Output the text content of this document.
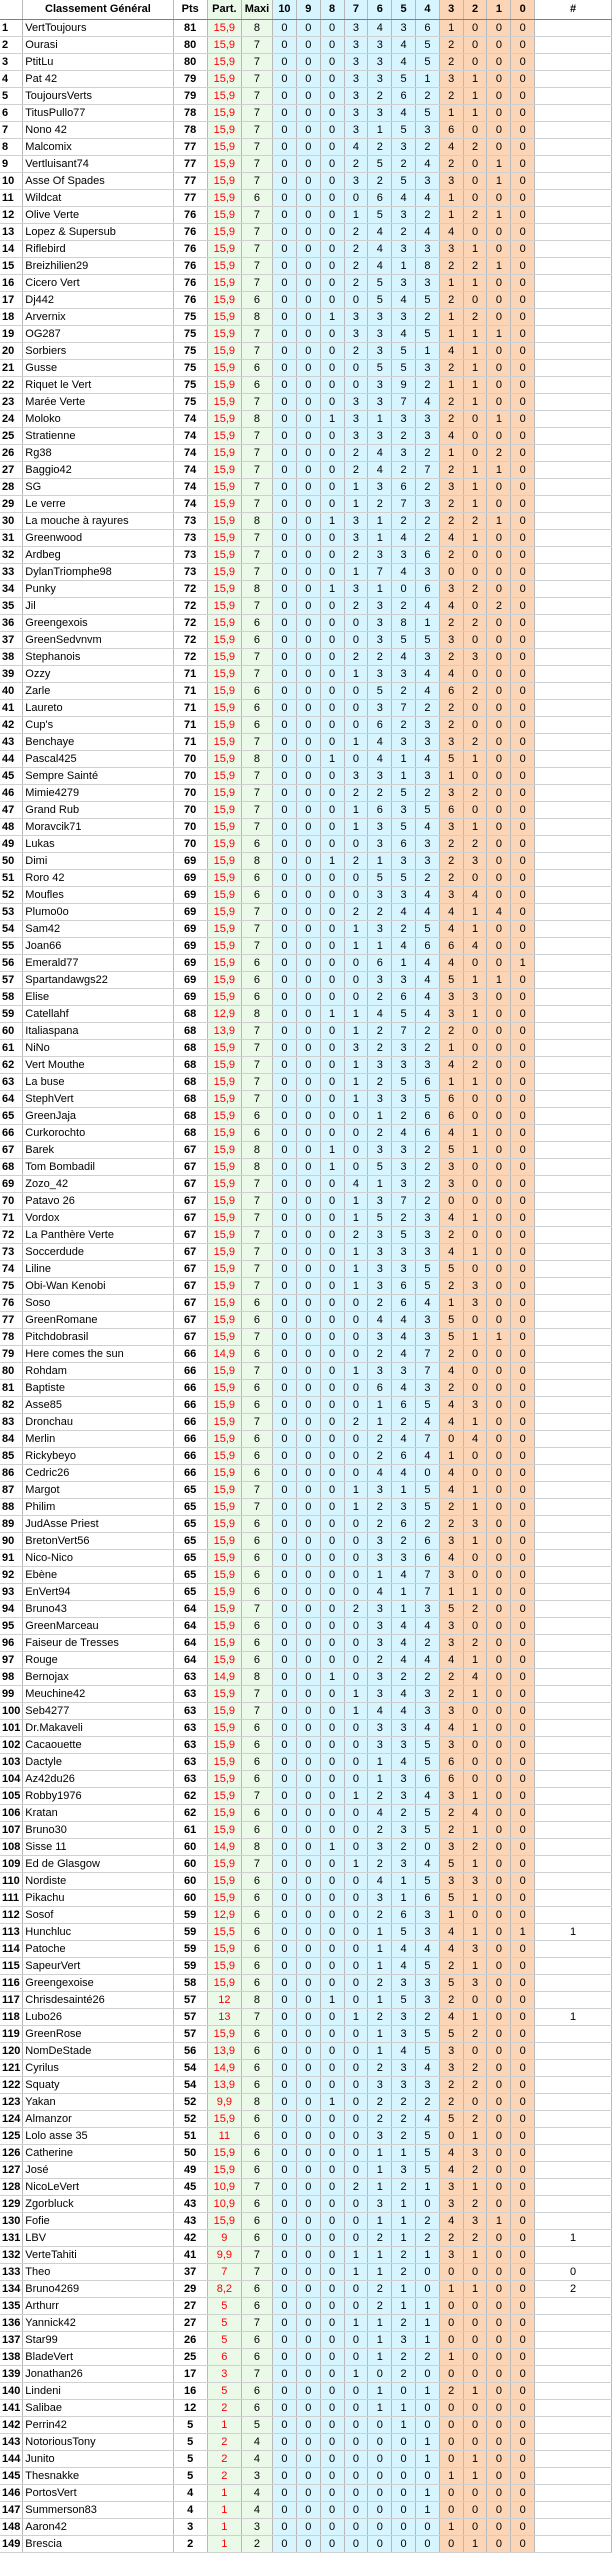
	Classement Général	Pts	Part.	Maxi	10	9	8	7	6	5	4	3	2	1	0	#
1	VertToujours	81	15,9	8	0	0	0	3	4	3	6	1	0	0	0	
2	Ourasi	80	15,9	7	0	0	0	3	3	4	5	2	0	0	0	
3	PtitLu	80	15,9	7	0	0	0	3	3	4	5	2	0	0	0	
4	Pat 42	79	15,9	7	0	0	0	3	3	5	1	3	1	0	0	
5	ToujoursVerts	79	15,9	7	0	0	0	3	2	6	2	2	1	0	0	
6	TitusPullo77	78	15,9	7	0	0	0	3	3	4	5	1	1	0	0	
7	Nono 42	78	15,9	7	0	0	0	3	1	5	3	6	0	0	0	
8	Malcomix	77	15,9	7	0	0	0	4	2	3	2	4	2	0	0	
9	Vertluisant74	77	15,9	7	0	0	0	2	5	2	4	2	0	1	0	
10	Asse Of Spades	77	15,9	7	0	0	0	3	2	5	3	3	0	1	0	
11	Wildcat	77	15,9	6	0	0	0	0	6	4	4	1	0	0	0	
12	Olive Verte	76	15,9	7	0	0	0	1	5	3	2	1	2	1	0	
13	Lopez & Supersub	76	15,9	7	0	0	0	2	4	2	4	4	0	0	0	
14	Riflebird	76	15,9	7	0	0	0	2	4	3	3	3	1	0	0	
15	Breizhilien29	76	15,9	7	0	0	0	2	4	1	8	2	2	1	0	
16	Cicero Vert	76	15,9	7	0	0	0	2	5	3	3	1	1	0	0	
17	Dj442	76	15,9	6	0	0	0	0	5	4	5	2	0	0	0	
18	Arvernix	75	15,9	8	0	0	1	3	3	3	2	1	2	0	0	
19	OG287	75	15,9	7	0	0	0	3	3	4	5	1	1	1	0	
20	Sorbiers	75	15,9	7	0	0	0	2	3	5	1	4	1	0	0	
21	Gusse	75	15,9	6	0	0	0	0	5	5	3	2	1	0	0	
22	Riquet le Vert	75	15,9	6	0	0	0	0	3	9	2	1	1	0	0	
23	Marée Verte	75	15,9	7	0	0	0	3	3	7	4	2	1	0	0	
24	Moloko	74	15,9	8	0	0	1	3	1	3	3	2	0	1	0	
25	Stratienne	74	15,9	7	0	0	0	3	3	2	3	4	0	0	0	
26	Rg38	74	15,9	7	0	0	0	2	4	3	2	1	0	2	0	
27	Baggio42	74	15,9	7	0	0	0	2	4	2	7	2	1	1	0	
28	SG	74	15,9	7	0	0	0	1	3	6	2	3	1	0	0	
29	Le verre	74	15,9	7	0	0	0	1	2	7	3	2	1	0	0	
30	La mouche à rayures	73	15,9	8	0	0	1	3	1	2	2	2	2	1	0	
31	Greenwood	73	15,9	7	0	0	0	3	1	4	2	4	1	0	0	
32	Ardbeg	73	15,9	7	0	0	0	2	3	3	6	2	0	0	0	
33	DylanTriomphe98	73	15,9	7	0	0	0	1	7	4	3	0	0	0	0	
34	Punky	72	15,9	8	0	0	1	3	1	0	6	3	2	0	0	
35	Jil	72	15,9	7	0	0	0	2	3	2	4	4	0	2	0	
36	Greengexois	72	15,9	6	0	0	0	0	3	8	1	2	2	0	0	
37	GreenSedvnvm	72	15,9	6	0	0	0	0	3	5	5	3	0	0	0	
38	Stephanois	72	15,9	7	0	0	0	2	2	4	3	2	3	0	0	
39	Ozzy	71	15,9	7	0	0	0	1	3	3	4	4	0	0	0	
40	Zarle	71	15,9	6	0	0	0	0	5	2	4	6	2	0	0	
41	Laureto	71	15,9	6	0	0	0	0	3	7	2	2	0	0	0	
42	Cup's	71	15,9	6	0	0	0	0	6	2	3	2	0	0	0	
43	Benchaye	71	15,9	7	0	0	0	1	4	3	3	3	2	0	0	
44	Pascal425	70	15,9	8	0	0	1	0	4	1	4	5	1	0	0	
45	Sempre Sainté	70	15,9	7	0	0	0	3	3	1	3	1	0	0	0	
46	Mimie4279	70	15,9	7	0	0	0	2	2	5	2	3	2	0	0	
47	Grand Rub	70	15,9	7	0	0	0	1	6	3	5	6	0	0	0	
48	Moravcik71	70	15,9	7	0	0	0	1	3	5	4	3	1	0	0	
49	Lukas	70	15,9	6	0	0	0	0	3	6	3	2	2	0	0	
50	Dimi	69	15,9	8	0	0	1	2	1	3	3	2	3	0	0	
51	Roro 42	69	15,9	6	0	0	0	0	5	5	2	2	0	0	0	
52	Moufles	69	15,9	6	0	0	0	0	3	3	4	3	4	0	0	
53	Plumo0o	69	15,9	7	0	0	0	2	2	4	4	4	1	4	0	
54	Sam42	69	15,9	7	0	0	0	1	3	2	5	4	1	0	0	
55	Joan66	69	15,9	7	0	0	0	1	1	4	6	6	4	0	0	
56	Emerald77	69	15,9	6	0	0	0	0	6	1	4	4	0	0	1	
57	Spartandawgs22	69	15,9	6	0	0	0	0	3	3	4	5	1	1	0	
58	Elise	69	15,9	6	0	0	0	0	2	6	4	3	3	0	0	
59	Catellahf	68	12,9	8	0	0	1	1	4	5	4	3	1	0	0	
60	Italiaspana	68	13,9	7	0	0	0	1	2	7	2	2	0	0	0	
61	NiNo	68	15,9	7	0	0	0	3	2	3	2	1	0	0	0	
62	Vert Mouthe	68	15,9	7	0	0	0	1	3	3	3	4	2	0	0	
63	La buse	68	15,9	7	0	0	0	1	2	5	6	1	1	0	0	
64	StephVert	68	15,9	7	0	0	0	1	3	3	5	6	0	0	0	
65	GreenJaja	68	15,9	6	0	0	0	0	1	2	6	6	0	0	0	
66	Curkorochto	68	15,9	6	0	0	0	0	2	4	6	4	1	0	0	
67	Barek	67	15,9	8	0	0	1	0	3	3	2	5	1	0	0	
68	Tom Bombadil	67	15,9	8	0	0	1	0	5	3	2	3	0	0	0	
69	Zozo_42	67	15,9	7	0	0	0	4	1	3	2	3	0	0	0	
70	Patavo 26	67	15,9	7	0	0	0	1	3	7	2	0	0	0	0	
71	Vordox	67	15,9	7	0	0	0	1	5	2	3	4	1	0	0	
72	La Panthère Verte	67	15,9	7	0	0	0	2	3	5	3	2	0	0	0	
73	Soccerdude	67	15,9	7	0	0	0	1	3	3	3	4	1	0	0	
74	Liline	67	15,9	7	0	0	0	1	3	3	5	5	0	0	0	
75	Obi-Wan Kenobi	67	15,9	7	0	0	0	1	3	6	5	2	3	0	0	
76	Soso	67	15,9	6	0	0	0	0	2	6	4	1	3	0	0	
77	GreenRomane	67	15,9	6	0	0	0	0	4	4	3	5	0	0	0	
78	Pitchdobrasil	67	15,9	7	0	0	0	0	3	4	3	5	1	1	0	
79	Here comes the sun	66	14,9	6	0	0	0	0	2	4	7	2	0	0	0	
80	Rohdam	66	15,9	7	0	0	0	1	3	3	7	4	0	0	0	
81	Baptiste	66	15,9	6	0	0	0	0	6	4	3	2	0	0	0	
82	Asse85	66	15,9	6	0	0	0	0	1	6	5	4	3	0	0	
83	Dronchau	66	15,9	7	0	0	0	2	1	2	4	4	1	0	0	
84	Merlin	66	15,9	6	0	0	0	0	2	4	7	0	4	0	0	
85	Rickybeyo	66	15,9	6	0	0	0	0	2	6	4	1	0	0	0	
86	Cedric26	66	15,9	6	0	0	0	0	4	4	0	4	0	0	0	
87	Margot	65	15,9	7	0	0	0	1	3	1	5	4	1	0	0	
88	Philim	65	15,9	7	0	0	0	1	2	3	5	2	1	0	0	
89	JudAsse Priest	65	15,9	6	0	0	0	0	2	6	2	2	3	0	0	
90	BretonVert56	65	15,9	6	0	0	0	0	3	2	6	3	1	0	0	
91	Nico-Nico	65	15,9	6	0	0	0	0	3	3	6	4	0	0	0	
92	Ebène	65	15,9	6	0	0	0	0	1	4	7	3	0	0	0	
93	EnVert94	65	15,9	6	0	0	0	0	4	1	7	1	1	0	0	
94	Bruno43	64	15,9	7	0	0	0	2	3	1	3	5	2	0	0	
95	GreenMarceau	64	15,9	6	0	0	0	0	3	4	4	3	0	0	0	
96	Faiseur de Tresses	64	15,9	6	0	0	0	0	3	4	2	3	2	0	0	
97	Rouge	64	15,9	6	0	0	0	0	2	4	4	4	1	0	0	
98	Bernojax	63	14,9	8	0	0	1	0	3	2	2	2	4	0	0	
99	Meuchine42	63	15,9	7	0	0	0	1	3	4	3	2	1	0	0	
100	Seb4277	63	15,9	7	0	0	0	1	4	4	3	3	0	0	0	
101	Dr.Makaveli	63	15,9	6	0	0	0	0	3	3	4	4	1	0	0	
102	Cacaouette	63	15,9	6	0	0	0	0	3	3	5	3	0	0	0	
103	Dactyle	63	15,9	6	0	0	0	0	1	4	5	6	0	0	0	
104	Az42du26	63	15,9	6	0	0	0	0	1	3	6	6	0	0	0	
105	Robby1976	62	15,9	7	0	0	0	1	2	3	4	3	1	0	0	
106	Kratan	62	15,9	6	0	0	0	0	4	2	5	2	4	0	0	
107	Bruno30	61	15,9	6	0	0	0	0	2	3	5	2	1	0	0	
108	Sisse 11	60	14,9	8	0	0	1	0	3	2	0	3	2	0	0	
109	Ed de Glasgow	60	15,9	7	0	0	0	1	2	3	4	5	1	0	0	
110	Nordiste	60	15,9	6	0	0	0	0	4	1	5	3	3	0	0	
111	Pikachu	60	15,9	6	0	0	0	0	3	1	6	5	1	0	0	
112	Sosof	59	12,9	6	0	0	0	0	2	6	3	1	0	0	0	
113	Hunchluc	59	15,5	6	0	0	0	0	1	5	3	4	1	0	1	1
114	Patoche	59	15,9	6	0	0	0	0	1	4	4	4	3	0	0	
115	SapeurVert	59	15,9	6	0	0	0	0	1	4	5	2	1	0	0	
116	Greengexoise	58	15,9	6	0	0	0	0	2	3	3	5	3	0	0	
117	Chrisdesainté26	57	12	8	0	0	1	0	1	5	3	2	0	0	0	
118	Lubo26	57	13	7	0	0	0	1	2	3	2	4	1	0	0	1
119	GreenRose	57	15,9	6	0	0	0	0	1	3	5	5	2	0	0	
120	NomDeStade	56	13,9	6	0	0	0	0	1	4	5	3	0	0	0	
121	Cyrilus	54	14,9	6	0	0	0	0	2	3	4	3	2	0	0	
122	Squaty	54	13,9	6	0	0	0	0	3	3	3	2	2	0	0	
123	Yakan	52	9,9	8	0	0	1	0	2	2	2	2	0	0	0	
124	Almanzor	52	15,9	6	0	0	0	0	2	2	4	5	2	0	0	
125	Lolo asse 35	51	11	6	0	0	0	0	3	2	5	0	1	0	0	
126	Catherine	50	15,9	6	0	0	0	0	1	1	5	4	3	0	0	
127	José	49	15,9	6	0	0	0	0	1	3	5	4	2	0	0	
128	NicoLeVert	45	10,9	7	0	0	0	2	1	2	1	3	1	0	0	
129	Zgorbluck	43	10,9	6	0	0	0	0	3	1	0	3	2	0	0	
130	Fofie	43	15,9	6	0	0	0	0	1	1	2	4	3	1	0	
131	LBV	42	9	6	0	0	0	0	2	1	2	2	2	0	0	1
132	VerteTahiti	41	9,9	7	0	0	0	1	1	2	1	3	1	0	0	
133	Theo	37	7	7	0	0	0	1	1	2	0	0	0	0	0	0
134	Bruno4269	29	8,2	6	0	0	0	0	2	1	0	1	1	0	0	2
135	Arthurr	27	5	6	0	0	0	0	2	1	1	0	0	0	0	
136	Yannick42	27	5	7	0	0	0	1	1	2	1	0	0	0	0	
137	Star99	26	5	6	0	0	0	0	1	3	1	0	0	0	0	
138	BladeVert	25	6	6	0	0	0	0	1	2	2	1	0	0	0	
139	Jonathan26	17	3	7	0	0	0	1	0	2	0	0	0	0	0	
140	Lindeni	16	5	6	0	0	0	0	1	0	1	2	1	0	0	
141	Salibae	12	2	6	0	0	0	0	1	1	0	0	0	0	0	
142	Perrin42	5	1	5	0	0	0	0	0	1	0	0	0	0	0	
143	NotoriousTony	5	2	4	0	0	0	0	0	0	1	0	0	0	0	
144	Junito	5	2	4	0	0	0	0	0	0	1	0	1	0	0	
145	Thesnakke	5	2	3	0	0	0	0	0	0	0	1	1	0	0	
146	PortosVert	4	1	4	0	0	0	0	0	0	1	0	0	0	0	
147	Summerson83	4	1	4	0	0	0	0	0	0	1	0	0	0	0	
148	Aaron42	3	1	3	0	0	0	0	0	0	0	1	0	0	0	
149	Brescia	2	1	2	0	0	0	0	0	0	0	0	1	0	0	
